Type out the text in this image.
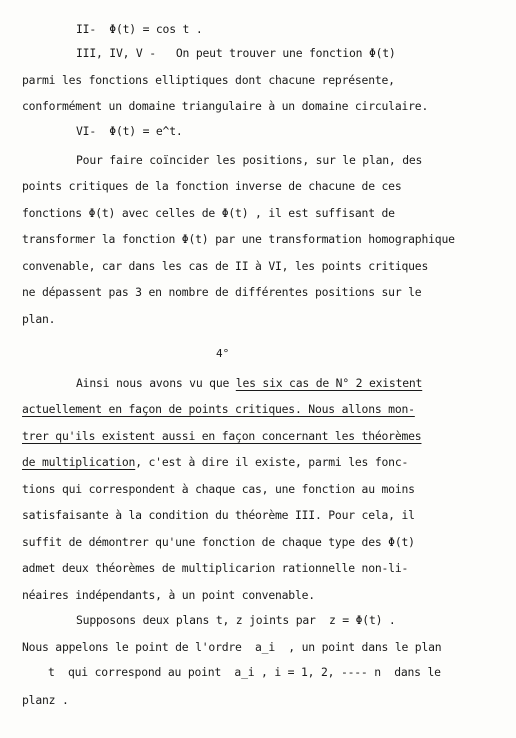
II-  Φ(t) = cos t .
III, IV, V -   On peut trouver une fonction Φ(t)
parmi les fonctions elliptiques dont chacune représente,
conformément un domaine triangulaire à un domaine circulaire.
VI-  Φ(t) = e^t.
Pour faire coïncider les positions, sur le plan, des
points critiques de la fonction inverse de chacune de ces
fonctions Φ(t) avec celles de Φ(t) , il est suffisant de
transformer la fonction Φ(t) par une transformation homographique
convenable, car dans les cas de II à VI, les points critiques
ne dépassent pas 3 en nombre de différentes positions sur le
plan.
4°
Ainsi nous avons vu que les six cas de N° 2 existent
actuellement en façon de points critiques. Nous allons mon-
trer qu'ils existent aussi en façon concernant les théorèmes
de multiplication, c'est à dire il existe, parmi les fonc-
tions qui correspondent à chaque cas, une fonction au moins
satisfaisante à la condition du théorème III. Pour cela, il
suffit de démontrer qu'une fonction de chaque type des Φ(t)
admet deux théorèmes de multiplicarion rationnelle non-li-
néaires indépendants, à un point convenable.
Supposons deux plans t, z joints par  z = Φ(t) .
Nous appelons le point de l'ordre  a_i  , un point dans le plan
t  qui correspond au point  a_i , i = 1, 2, ---- n  dans le
planz .
